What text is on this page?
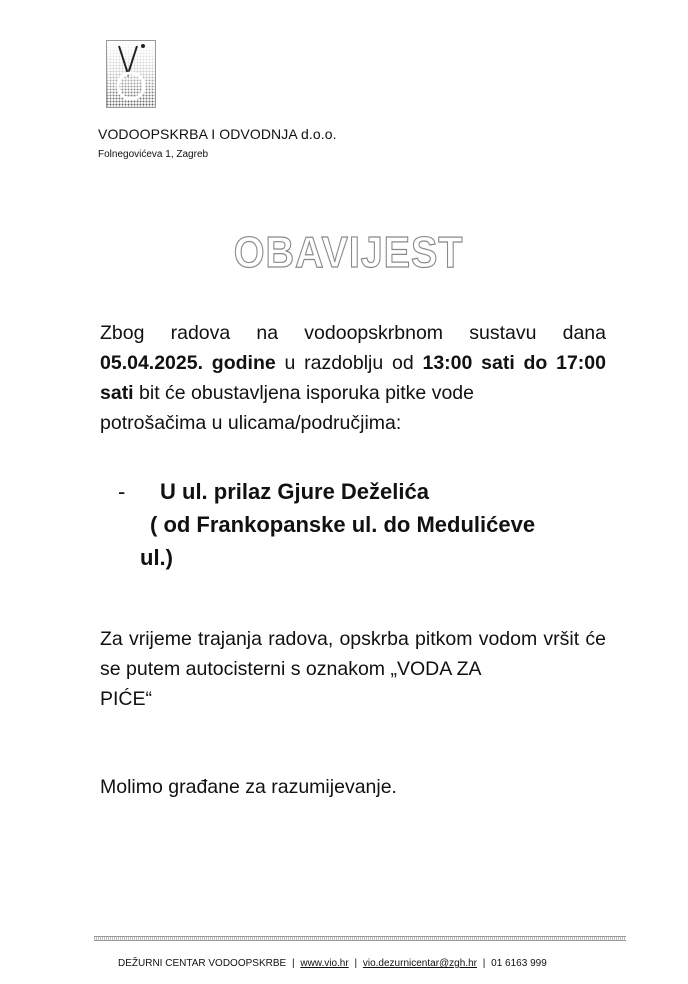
VODOOPSKRBA I ODVODNJA d.o.o.
Folnegovićeva 1, Zagreb
OBAVIJEST
Zbog radova na vodoopskrbnom sustavu dana 05.04.2025. godine u razdoblju od 13:00 sati do 17:00 sati bit će obustavljena isporuka pitke vode
potrošačima u ulicama/područjima:
- U ul. prilaz Gjure Deželića
( od Frankopanske ul. do Medulićeve
ul.)
Za vrijeme trajanja radova, opskrba pitkom vodom vršit će se putem autocisterni s oznakom „VODA ZA
PIĆE“
Molimo građane za razumijevanje.
DEŽURNI CENTAR VODOOPSKRBE | www.vio.hr | vio.dezurnicentar@zgh.hr | 01 6163 999
